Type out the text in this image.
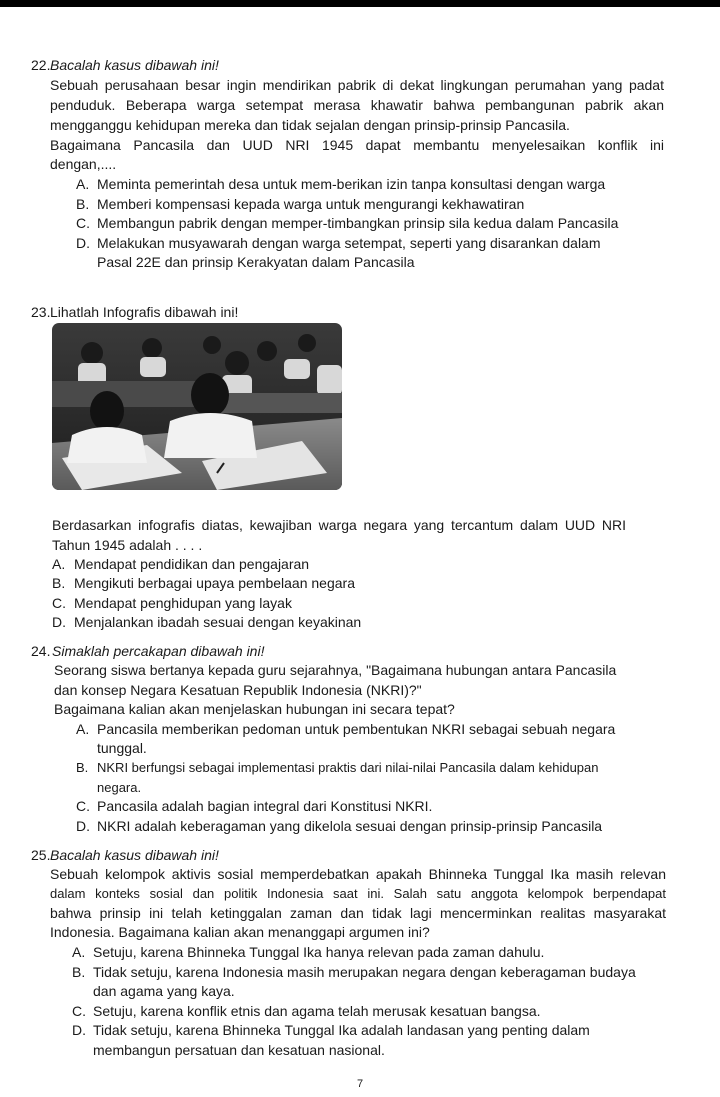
22. Bacalah kasus dibawah ini!
Sebuah perusahaan besar ingin mendirikan pabrik di dekat lingkungan perumahan yang padat
penduduk. Beberapa warga setempat merasa khawatir bahwa pembangunan pabrik akan
mengganggu kehidupan mereka dan tidak sejalan dengan prinsip-prinsip Pancasila.
Bagaimana Pancasila dan UUD NRI 1945 dapat membantu menyelesaikan konflik ini
dengan,....
A. Meminta pemerintah desa untuk mem-berikan izin tanpa konsultasi dengan warga
B. Memberi kompensasi kepada warga untuk mengurangi kekhawatiran
C. Membangun pabrik dengan memper-timbangkan prinsip sila kedua dalam Pancasila
D. Melakukan musyawarah dengan warga setempat, seperti yang disarankan dalam
Pasal 22E dan prinsip Kerakyatan dalam Pancasila
23. Lihatlah Infografis dibawah ini!
Berdasarkan infografis diatas, kewajiban warga negara yang tercantum dalam UUD NRI
Tahun 1945 adalah . . . .
A. Mendapat pendidikan dan pengajaran
B. Mengikuti berbagai upaya pembelaan negara
C. Mendapat penghidupan yang layak
D. Menjalankan ibadah sesuai dengan keyakinan
24. Simaklah percakapan dibawah ini!
Seorang siswa bertanya kepada guru sejarahnya, "Bagaimana hubungan antara Pancasila
dan konsep Negara Kesatuan Republik Indonesia (NKRI)?"
Bagaimana kalian akan menjelaskan hubungan ini secara tepat?
A. Pancasila memberikan pedoman untuk pembentukan NKRI sebagai sebuah negara
tunggal.
B. NKRI berfungsi sebagai implementasi praktis dari nilai-nilai Pancasila dalam kehidupan
negara.
C. Pancasila adalah bagian integral dari Konstitusi NKRI.
D. NKRI adalah keberagaman yang dikelola sesuai dengan prinsip-prinsip Pancasila
25. Bacalah kasus dibawah ini!
Sebuah kelompok aktivis sosial memperdebatkan apakah Bhinneka Tunggal Ika masih relevan
dalam konteks sosial dan politik Indonesia saat ini. Salah satu anggota kelompok berpendapat
bahwa prinsip ini telah ketinggalan zaman dan tidak lagi mencerminkan realitas masyarakat
Indonesia. Bagaimana kalian akan menanggapi argumen ini?
A. Setuju, karena Bhinneka Tunggal Ika hanya relevan pada zaman dahulu.
B. Tidak setuju, karena Indonesia masih merupakan negara dengan keberagaman budaya
dan agama yang kaya.
C. Setuju, karena konflik etnis dan agama telah merusak kesatuan bangsa.
D. Tidak setuju, karena Bhinneka Tunggal Ika adalah landasan yang penting dalam
membangun persatuan dan kesatuan nasional.
7
